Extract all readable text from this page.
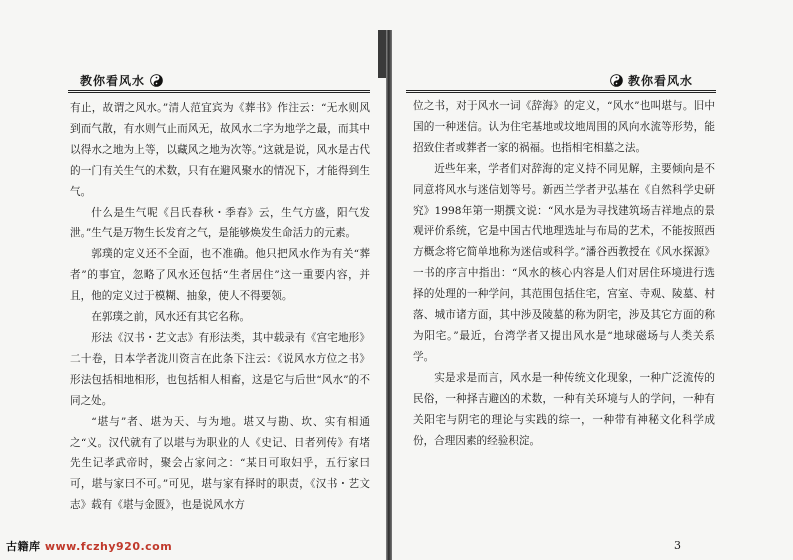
教你看风水

有止，故谓之风水。”清人范宜宾为《葬书》作注云：“无水则风到而气散，有水则气止而风无，故风水二字为地学之最，而其中以得水之地为上等，以藏风之地为次等。”这就是说，风水是古代的一门有关生气的术数，只有在避风聚水的情况下，才能得到生气。

什么是生气呢《吕氏春秋・季春》云，生气方盛，阳气发泄。”生气是万物生长发育之气，是能够焕发生命活力的元素。

郭璞的定义还不全面，也不准确。他只把风水作为有关“葬者”的事宜，忽略了风水还包括“生者居住”这一重要内容，并且，他的定义过于模糊、抽象，使人不得要领。

在郭璞之前，风水还有其它名称。

形法《汉书・艺文志》有形法类，其中载录有《宫宅地形》二十卷，日本学者泷川资言在此条下注云：《说风水方位之书》形法包括相地相形，也包括相人相畜，这是它与后世“风水”的不同之处。

“堪与”者、堪为天、与为地。堪又与勘、坎、实有相通之“义。汉代就有了以堪与为职业的人《史记、日者列传》有堵先生记孝武帝时，聚会占家问之：“某日可取妇乎，五行家曰可，堪与家曰不可。”可见，堪与家有择时的职责，《汉书・艺文志》载有《堪与金匮》，也是说风水方

教你看风水

位之书，对于风水一词《辞海》的定义，“风水”也叫堪与。旧中国的一种迷信。认为住宅基地或坟地周围的风向水流等形势，能招致住者或葬者一家的祸福。也指相宅相墓之法。

近些年来，学者们对辞海的定义持不同见解，主要倾向是不同意将风水与迷信划等号。新西兰学者尹弘基在《自然科学史研究》1998年第一期撰文说：“风水是为寻找建筑场吉祥地点的景观评价系统，它是中国古代地理选址与布局的艺术，不能按照西方概念将它简单地称为迷信或科学。”潘谷西教授在《风水探源》一书的序言中指出：“风水的核心内容是人们对居住环境进行选择的处理的一种学问，其范围包括住宅，宫室、寺观、陵墓、村落、城市诸方面，其中涉及陵墓的称为阴宅，涉及其它方面的称为阳宅。”最近，台湾学者又提出风水是“地球磁场与人类关系学。

实是求是而言，风水是一种传统文化现象，一种广泛流传的民俗，一种择吉避凶的术数，一种有关环境与人的学问，一种有关阳宅与阴宅的理论与实践的综一，一种带有神秘文化科学成份，合理因素的经验积淀。

3
古籍库 www.fczhy920.com
